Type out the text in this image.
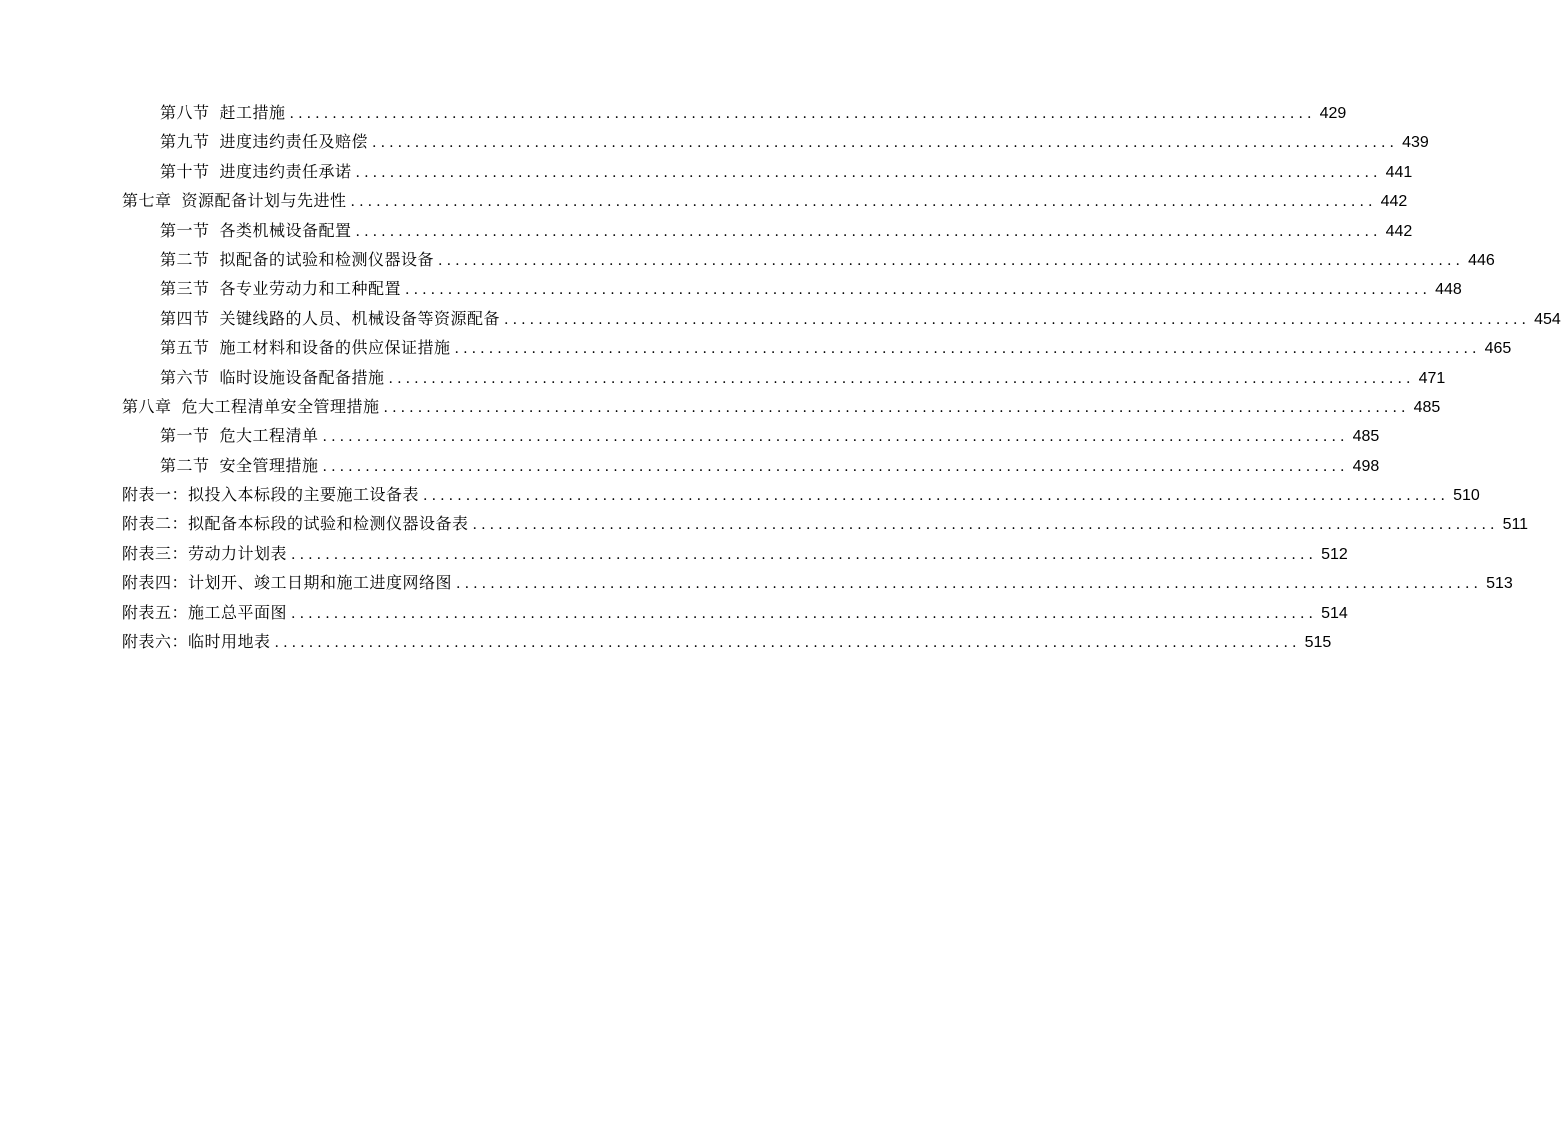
第八节 赶工措施 ........................................................................................................................ 429
第九节 进度违约责任及赔偿 ........................................................................................................................ 439
第十节 进度违约责任承诺 ........................................................................................................................ 441
第七章 资源配备计划与先进性 ........................................................................................................................ 442
第一节 各类机械设备配置 ........................................................................................................................ 442
第二节 拟配备的试验和检测仪器设备 ........................................................................................................................ 446
第三节 各专业劳动力和工种配置 ........................................................................................................................ 448
第四节 关键线路的人员、机械设备等资源配备 ........................................................................................................................ 454
第五节 施工材料和设备的供应保证措施 ........................................................................................................................ 465
第六节 临时设施设备配备措施 ........................................................................................................................ 471
第八章 危大工程清单安全管理措施 ........................................................................................................................ 485
第一节 危大工程清单 ........................................................................................................................ 485
第二节 安全管理措施 ........................................................................................................................ 498
附表一：拟投入本标段的主要施工设备表 ........................................................................................................................ 510
附表二：拟配备本标段的试验和检测仪器设备表 ........................................................................................................................ 511
附表三：劳动力计划表 ........................................................................................................................ 512
附表四：计划开、竣工日期和施工进度网络图 ........................................................................................................................ 513
附表五：施工总平面图 ........................................................................................................................ 514
附表六：临时用地表 ........................................................................................................................ 515
